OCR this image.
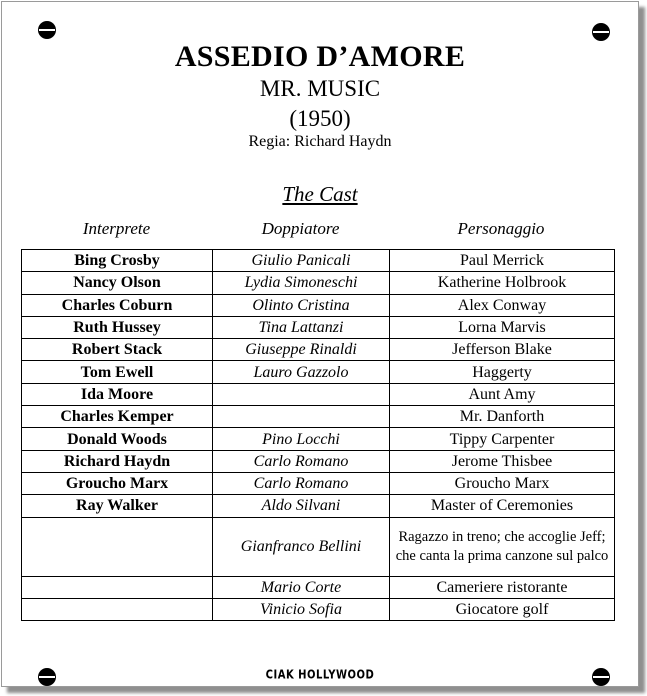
ASSEDIO D’AMORE
MR. MUSIC
(1950)
Regia: Richard Haydn
The Cast
Interprete	Doppiatore	Personaggio
Bing Crosby	Giulio Panicali	Paul Merrick
Nancy Olson	Lydia Simoneschi	Katherine Holbrook
Charles Coburn	Olinto Cristina	Alex Conway
Ruth Hussey	Tina Lattanzi	Lorna Marvis
Robert Stack	Giuseppe Rinaldi	Jefferson Blake
Tom Ewell	Lauro Gazzolo	Haggerty
Ida Moore		Aunt Amy
Charles Kemper		Mr. Danforth
Donald Woods	Pino Locchi	Tippy Carpenter
Richard Haydn	Carlo Romano	Jerome Thisbee
Groucho Marx	Carlo Romano	Groucho Marx
Ray Walker	Aldo Silvani	Master of Ceremonies
	Gianfranco Bellini	Ragazzo in treno; che accoglie Jeff; che canta la prima canzone sul palco
	Mario Corte	Cameriere ristorante
	Vinicio Sofia	Giocatore golf
CIAK HOLLYWOOD
